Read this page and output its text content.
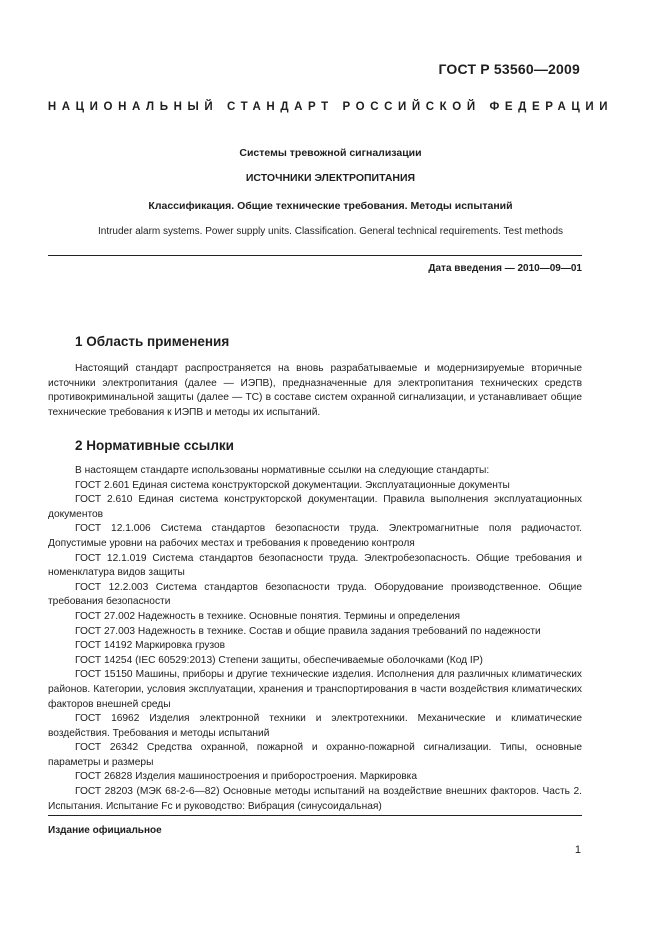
ГОСТ Р 53560—2009
НАЦИОНАЛЬНЫЙ СТАНДАРТ РОССИЙСКОЙ ФЕДЕРАЦИИ
Системы тревожной сигнализации
ИСТОЧНИКИ ЭЛЕКТРОПИТАНИЯ
Классификация. Общие технические требования. Методы испытаний
Intruder alarm systems. Power supply units. Classification. General technical requirements. Test methods
Дата введения — 2010—09—01
1 Область применения

Настоящий стандарт распространяется на вновь разрабатываемые и модернизируемые вторичные источники электропитания (далее — ИЭПВ), предназначенные для электропитания технических средств противокриминальной защиты (далее — ТС) в составе систем охранной сигнализации, и устанавливает общие технические требования к ИЭПВ и методы их испытаний.

2 Нормативные ссылки

В настоящем стандарте использованы нормативные ссылки на следующие стандарты:

ГОСТ 2.601 Единая система конструкторской документации. Эксплуатационные документы

ГОСТ 2.610 Единая система конструкторской документации. Правила выполнения эксплуатационных документов

ГОСТ 12.1.006 Система стандартов безопасности труда. Электромагнитные поля радиочастот. Допустимые уровни на рабочих местах и требования к проведению контроля

ГОСТ 12.1.019 Система стандартов безопасности труда. Электробезопасность. Общие требования и номенклатура видов защиты

ГОСТ 12.2.003 Система стандартов безопасности труда. Оборудование производственное. Общие требования безопасности

ГОСТ 27.002 Надежность в технике. Основные понятия. Термины и определения

ГОСТ 27.003 Надежность в технике. Состав и общие правила задания требований по надежности

ГОСТ 14192 Маркировка грузов

ГОСТ 14254 (IEC 60529:2013) Степени защиты, обеспечиваемые оболочками (Код IP)

ГОСТ 15150 Машины, приборы и другие технические изделия. Исполнения для различных климатических районов. Категории, условия эксплуатации, хранения и транспортирования в части воздействия климатических факторов внешней среды

ГОСТ 16962 Изделия электронной техники и электротехники. Механические и климатические воздействия. Требования и методы испытаний

ГОСТ 26342 Средства охранной, пожарной и охранно-пожарной сигнализации. Типы, основные параметры и размеры

ГОСТ 26828 Изделия машиностроения и приборостроения. Маркировка

ГОСТ 28203 (МЭК 68-2-6—82) Основные методы испытаний на воздействие внешних факторов. Часть 2. Испытания. Испытание Fc и руководство: Вибрация (синусоидальная)

Издание официальное
1
